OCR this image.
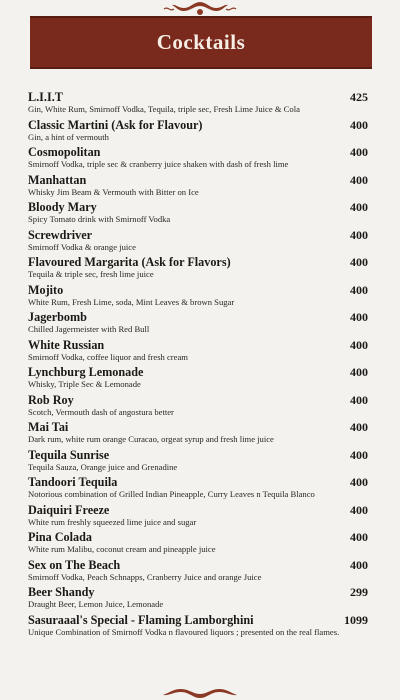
Cocktails
L.I.I.T	425
Gin, White Rum, Smirnoff Vodka, Tequila, triple sec, Fresh Lime Juice & Cola
Classic Martini (Ask for Flavour)	400
Gin, a hint of vermouth
Cosmopolitan	400
Smirnoff Vodka, triple sec & cranberry juice shaken with dash of fresh lime
Manhattan	400
Whisky Jim Beam & Vermouth with Bitter on Ice
Bloody Mary	400
Spicy Tomato drink with Smirnoff Vodka
Screwdriver	400
Smirnoff Vodka & orange juice
Flavoured Margarita (Ask for Flavors)	400
Tequila & triple sec, fresh lime juice
Mojito	400
White Rum, Fresh Lime, soda, Mint Leaves & brown Sugar
Jagerbomb	400
Chilled Jagermeister with Red Bull
White Russian	400
Smirnoff Vodka, coffee liquor and fresh cream
Lynchburg Lemonade	400
Whisky, Triple Sec & Lemonade
Rob Roy	400
Scotch, Vermouth dash of angostura better
Mai Tai	400
Dark rum, white rum orange Curacao, orgeat syrup and fresh lime juice
Tequila Sunrise	400
Tequila Sauza, Orange juice and Grenadine
Tandoori Tequila	400
Notorious combination of Grilled Indian Pineapple, Curry Leaves n Tequila Blanco
Daiquiri Freeze	400
White rum freshly squeezed lime juice and sugar
Pina Colada	400
White rum Malibu, coconut cream and pineapple juice
Sex on The Beach	400
Smirnoff Vodka, Peach Schnapps, Cranberry Juice and orange Juice
Beer Shandy	299
Draught Beer, Lemon Juice, Lemonade
Sasuraaal's Special - Flaming Lamborghini	1099
Unique Combination of Smirnoff Vodka n flavoured liquors ; presented on the real flames.
